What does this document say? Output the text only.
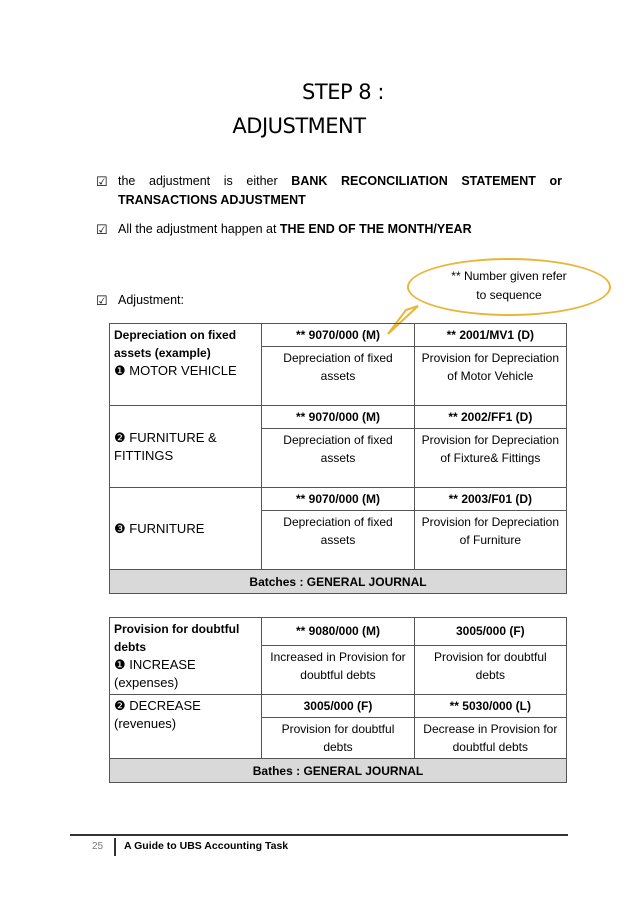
STEP 8 :
ADJUSTMENT
☑ the adjustment is either BANK RECONCILIATION STATEMENT or TRANSACTIONS ADJUSTMENT
☑ All the adjustment happen at THE END OF THE MONTH/YEAR
☑ Adjustment:
** Number given refer
to sequence
Depreciation on fixed assets (example)
❶ MOTOR VEHICLE	** 9070/000 (M)	** 2001/MV1 (D)
	Depreciation of fixed assets	Provision for Depreciation of Motor Vehicle
❷ FURNITURE & FITTINGS	** 9070/000 (M)	** 2002/FF1 (D)
	Depreciation of fixed assets	Provision for Depreciation of Fixture& Fittings
❸ FURNITURE	** 9070/000 (M)	** 2003/F01 (D)
	Depreciation of fixed assets	Provision for Depreciation of Furniture
Batches : GENERAL JOURNAL		
Provision for doubtful debts
❶ INCREASE (expenses)	** 9080/000 (M)	3005/000 (F)
	Increased in Provision for doubtful debts	Provision for doubtful debts
❷ DECREASE (revenues)	3005/000 (F)	** 5030/000 (L)
	Provision for doubtful debts	Decrease in Provision for doubtful debts
Bathes : GENERAL JOURNAL		
25 A Guide to UBS Accounting Task
